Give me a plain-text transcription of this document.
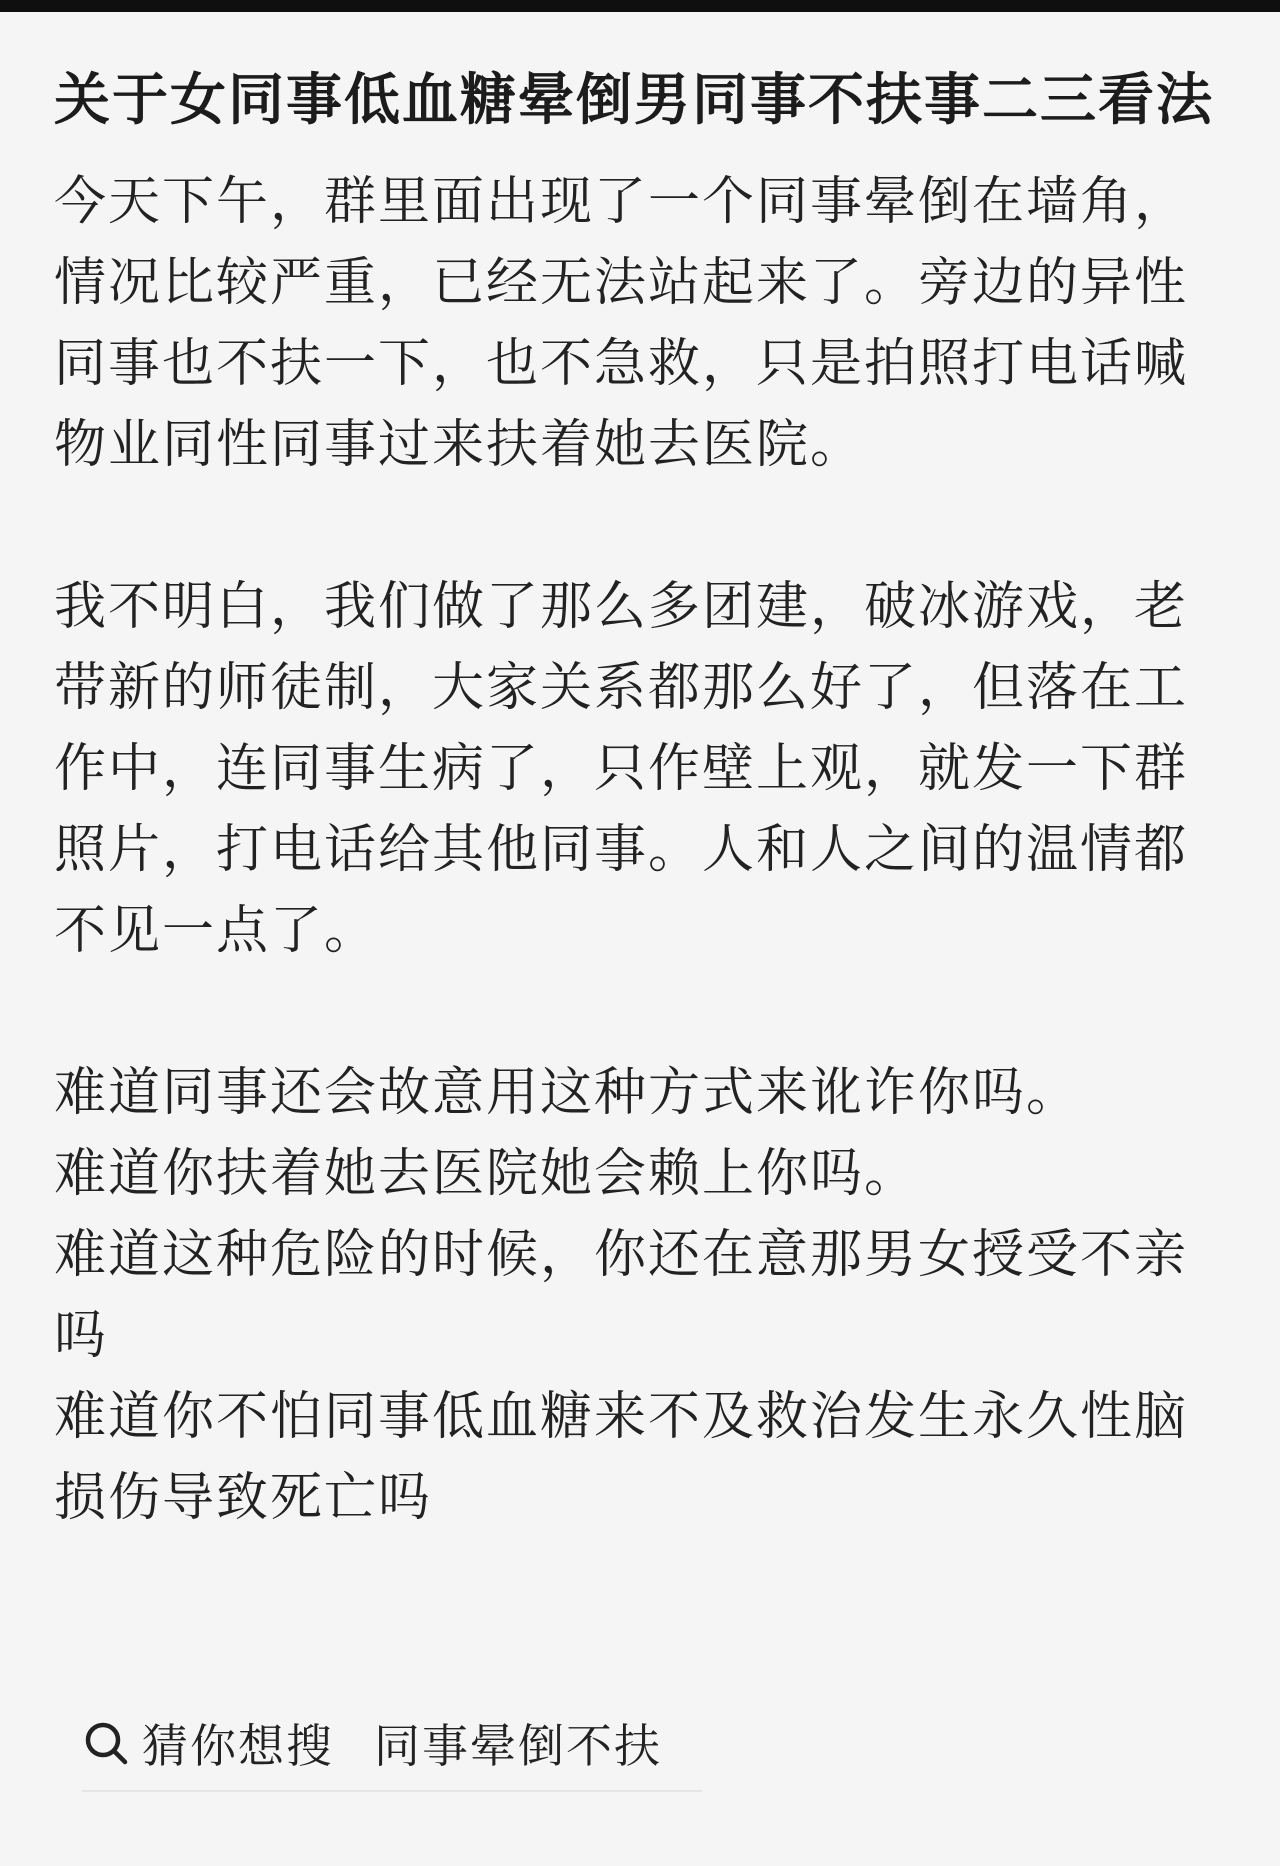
关于女同事低血糖晕倒男同事不扶事二三看法

今天下午，群里面出现了一个同事晕倒在墙角，情况比较严重，已经无法站起来了。旁边的异性同事也不扶一下，也不急救，只是拍照打电话喊物业同性同事过来扶着她去医院。

我不明白，我们做了那么多团建，破冰游戏，老带新的师徒制，大家关系都那么好了，但落在工作中，连同事生病了，只作壁上观，就发一下群照片，打电话给其他同事。人和人之间的温情都不见一点了。

难道同事还会故意用这种方式来讹诈你吗。

难道你扶着她去医院她会赖上你吗。

难道这种危险的时候，你还在意那男女授受不亲吗

难道你不怕同事低血糖来不及救治发生永久性脑损伤导致死亡吗

猜你想搜 同事晕倒不扶
